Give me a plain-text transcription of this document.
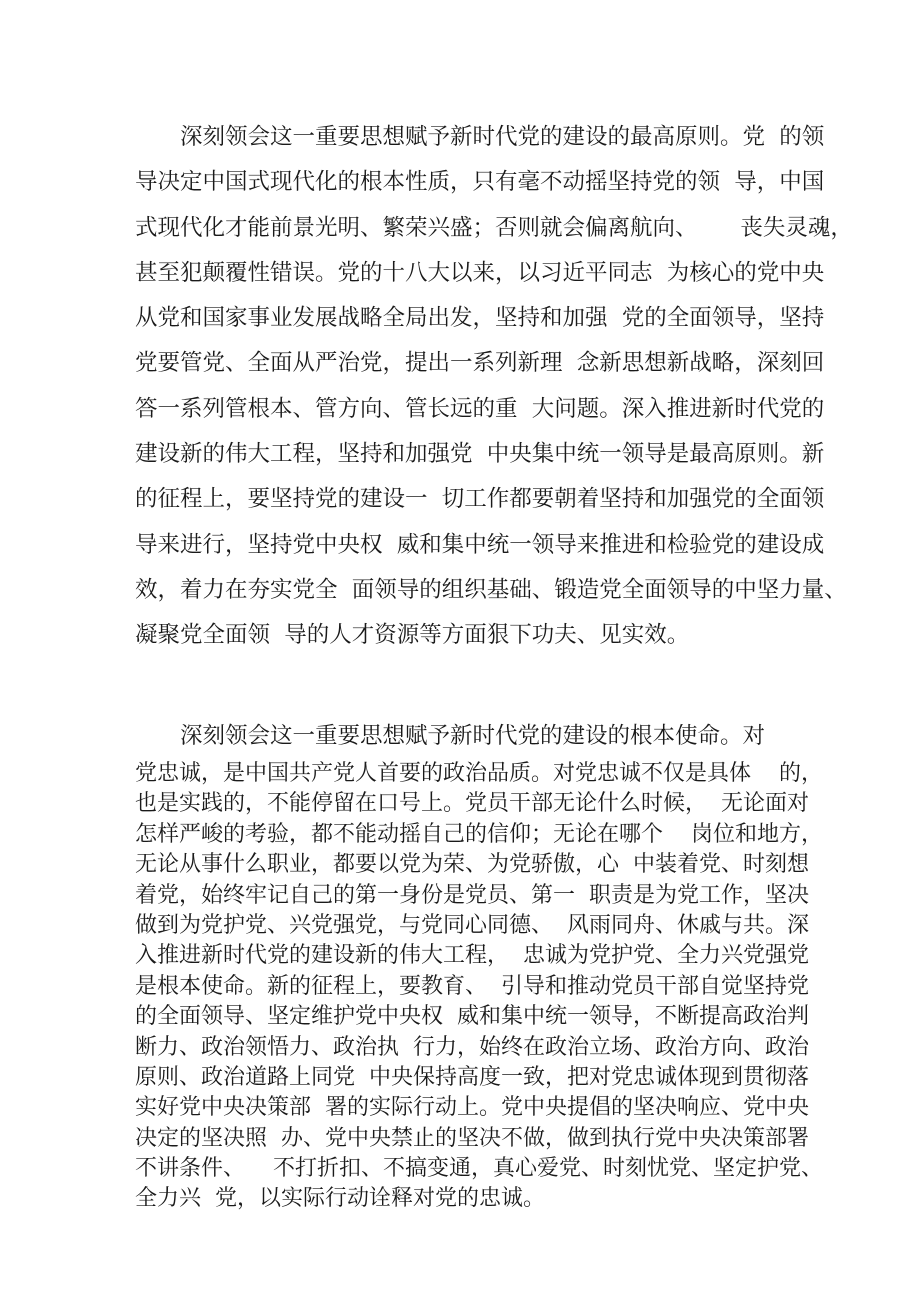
深刻领会这一重要思想赋予新时代党的建设的最高原则。党  的领
导决定中国式现代化的根本性质，只有毫不动摇坚持党的领  导，中国
式现代化才能前景光明、繁荣兴盛；否则就会偏离航向、      丧失灵魂，
甚至犯颠覆性错误。党的十八大以来，以习近平同志  为核心的党中央
从党和国家事业发展战略全局出发，坚持和加强  党的全面领导，坚持
党要管党、全面从严治党，提出一系列新理  念新思想新战略，深刻回
答一系列管根本、管方向、管长远的重  大问题。深入推进新时代党的
建设新的伟大工程，坚持和加强党  中央集中统一领导是最高原则。新
的征程上，要坚持党的建设一  切工作都要朝着坚持和加强党的全面领
导来进行，坚持党中央权  威和集中统一领导来推进和检验党的建设成
效，着力在夯实党全  面领导的组织基础、锻造党全面领导的中坚力量、
凝聚党全面领  导的人才资源等方面狠下功夫、见实效。
深刻领会这一重要思想赋予新时代党的建设的根本使命。对
党忠诚，是中国共产党人首要的政治品质。对党忠诚不仅是具体    的，
也是实践的，不能停留在口号上。党员干部无论什么时候，  无论面对
怎样严峻的考验，都不能动摇自己的信仰；无论在哪个    岗位和地方，
无论从事什么职业，都要以党为荣、为党骄傲，心  中装着党、时刻想
着党，始终牢记自己的第一身份是党员、第一  职责是为党工作，坚决
做到为党护党、兴党强党，与党同心同德、  风雨同舟、休戚与共。深
入推进新时代党的建设新的伟大工程，  忠诚为党护党、全力兴党强党
是根本使命。新的征程上，要教育、  引导和推动党员干部自觉坚持党
的全面领导、坚定维护党中央权  威和集中统一领导，不断提高政治判
断力、政治领悟力、政治执  行力，始终在政治立场、政治方向、政治
原则、政治道路上同党  中央保持高度一致，把对党忠诚体现到贯彻落
实好党中央决策部  署的实际行动上。党中央提倡的坚决响应、党中央
决定的坚决照  办、党中央禁止的坚决不做，做到执行党中央决策部署
不讲条件、    不打折扣、不搞变通，真心爱党、时刻忧党、坚定护党、
全力兴  党，以实际行动诠释对党的忠诚。
